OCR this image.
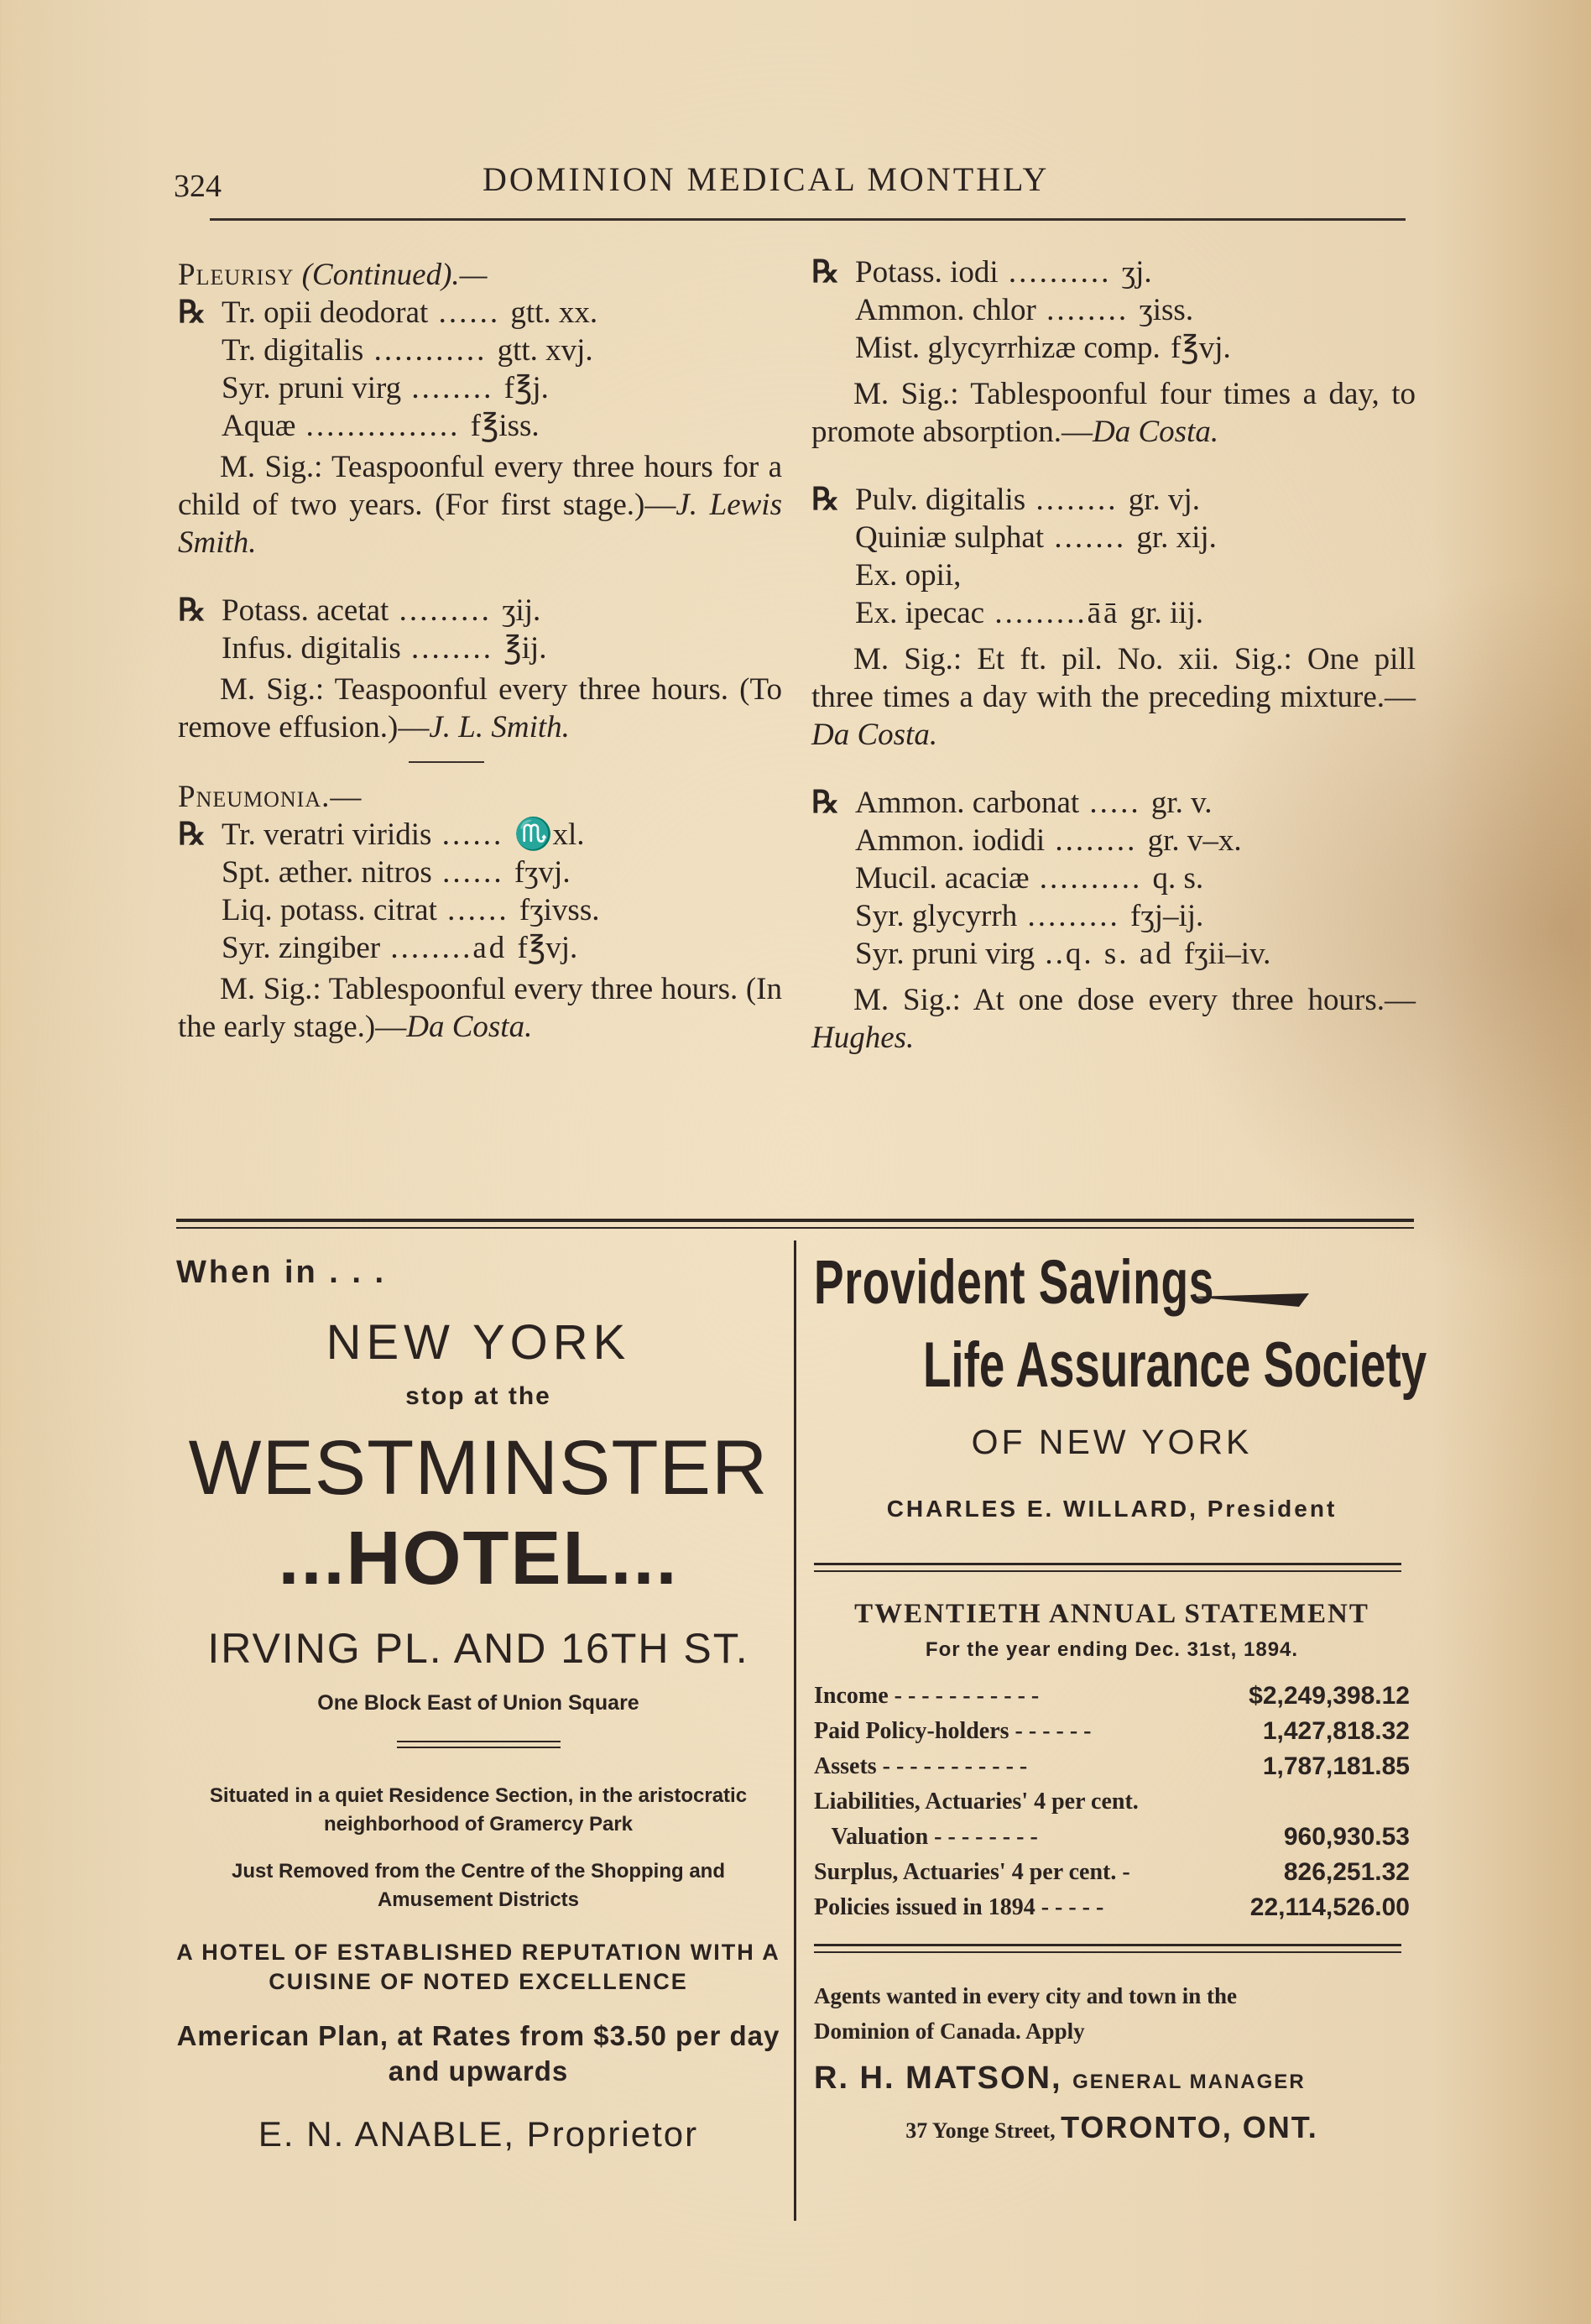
324	DOMINION MEDICAL MONTHLY
Pleurisy (Continued).—
℞ Tr. opii deodorat ...... gtt. xx.
Tr. digitalis ........... gtt. xvj.
Syr. pruni virg ........ f℥j.
Aquæ ............... f℥iss.
M. Sig.: Teaspoonful every three hours for a child of two years. (For first stage.)—J. Lewis Smith.
℞ Potass. acetat ......... ʒij.
Infus. digitalis ........ ℥ij.
M. Sig.: Teaspoonful every three hours. (To remove effusion.)—J. L. Smith.
Pneumonia.—
℞ Tr. veratri viridis ...... ♏xl.
Spt. æther. nitros ...... fʒvj.
Liq. potass. citrat ...... fʒivss.
Syr. zingiber ........ad f℥vj.
M. Sig.: Tablespoonful every three hours. (In the early stage.)—Da Costa.
℞ Potass. iodi .......... ʒj.
Ammon. chlor ........ ʒiss.
Mist. glycyrrhizæ comp. f℥vj.
M. Sig.: Tablespoonful four times a day, to promote absorption.—Da Costa.
℞ Pulv. digitalis ........ gr. vj.
Quiniæ sulphat ....... gr. xij.
Ex. opii,
Ex. ipecac .........āā gr. iij.
M. Sig.: Et ft. pil. No. xii. Sig.: One pill three times a day with the preceding mixture.—Da Costa.
℞ Ammon. carbonat ..... gr. v.
Ammon. iodidi ........ gr. v–x.
Mucil. acaciæ .......... q. s.
Syr. glycyrrh ......... fʒj–ij.
Syr. pruni virg ..q. s. ad fʒii–iv.
M. Sig.: At one dose every three hours.—Hughes.
When in . . .
NEW YORK
stop at the
WESTMINSTER
...HOTEL...
IRVING PL. AND 16TH ST.
One Block East of Union Square
Situated in a quiet Residence Section, in the aristocratic neighborhood of Gramercy Park
Just Removed from the Centre of the Shopping and Amusement Districts
A HOTEL OF ESTABLISHED REPUTATION WITH A CUISINE OF NOTED EXCELLENCE
American Plan, at Rates from $3.50 per day and upwards
E. N. ANABLE, Proprietor
Provident Savings
Life Assurance Society
OF NEW YORK
CHARLES E. WILLARD, President
TWENTIETH ANNUAL STATEMENT
For the year ending Dec. 31st, 1894.
Income - - - - - - - - - - -	$2,249,398.12
Paid Policy-holders - - - - - -	1,427,818.32
Assets - - - - - - - - - - -	1,787,181.85
Liabilities, Actuaries' 4 per cent.
Valuation - - - - - - - -	960,930.53
Surplus, Actuaries' 4 per cent. -	826,251.32
Policies issued in 1894 - - - - -	22,114,526.00
Agents wanted in every city and town in the Dominion of Canada. Apply
R. H. MATSON, GENERAL MANAGER
37 Yonge Street, TORONTO, ONT.
